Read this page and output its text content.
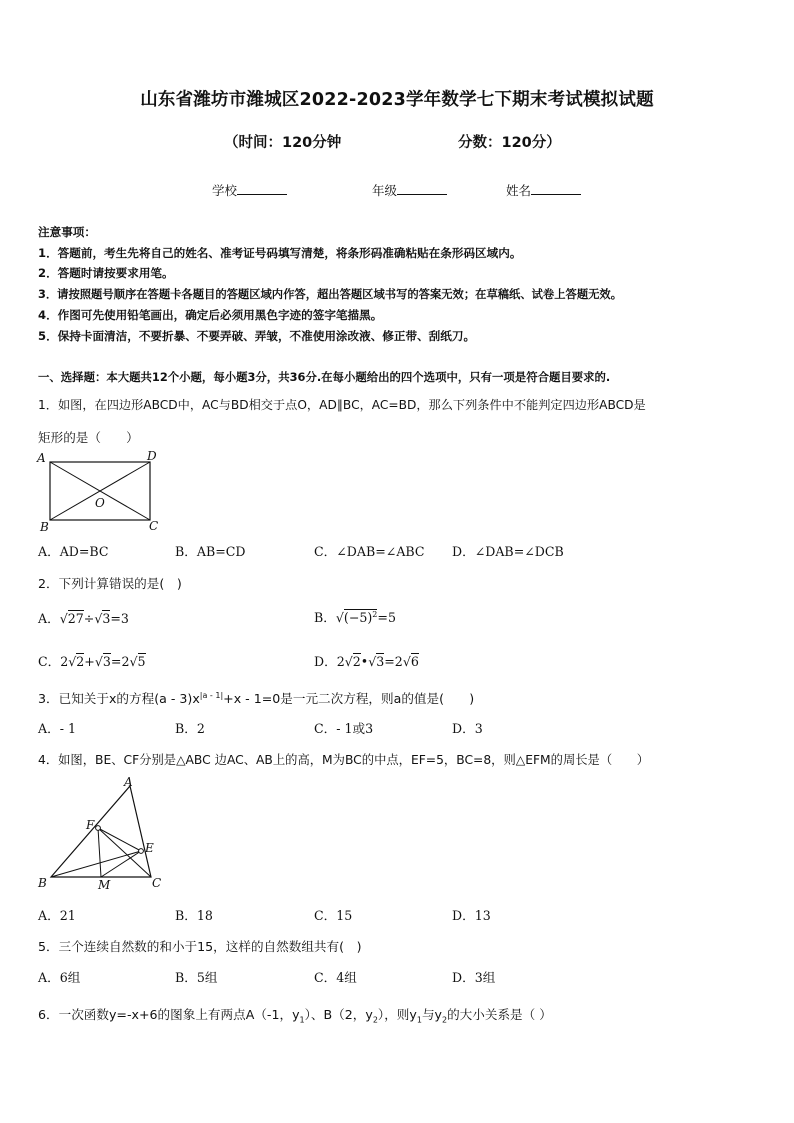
山东省潍坊市潍城区2022-2023学年数学七下期末考试模拟试题
（时间：120分钟	分数：120分）
学校	年级	姓名
注意事项：
1．答题前，考生先将自己的姓名、准考证号码填写清楚，将条形码准确粘贴在条形码区域内。
2．答题时请按要求用笔。
3．请按照题号顺序在答题卡各题目的答题区域内作答，超出答题区域书写的答案无效；在草稿纸、试卷上答题无效。
4．作图可先使用铅笔画出，确定后必须用黑色字迹的签字笔描黑。
5．保持卡面清洁，不要折暴、不要弄破、弄皱，不准使用涂改液、修正带、刮纸刀。
一、选择题：本大题共12个小题，每小题3分，共36分.在每小题给出的四个选项中，只有一项是符合题目要求的.
1．如图，在四边形ABCD中，AC与BD相交于点O，AD∥BC，AC=BD，那么下列条件中不能判定四边形ABCD是
矩形的是（　　）
A	D
B	C
O
A．AD=BC	B．AB=CD	C．∠DAB=∠ABC D．∠DAB=∠DCB
2．下列计算错误的是(　)
A．√27÷√3=3	B．$√(-5)^2=5$
C．2√2+√3=2√5	D．2√2•√3=2√6
3．已知关于x的方程$(a - 3)x^{|a - 1|}+x - 1=0$是一元二次方程，则a的值是(　　)
A．- 1	B．2	C．- 1或3	D．3
4．如图，BE、CF分别是△ABC 边AC、AB上的高，M为BC的中点，EF=5，BC=8，则△EFM的周长是（　　）
A
F
E
B	M	C
A．21	B．18	C．15	D．13
5．三个连续自然数的和小于15，这样的自然数组共有(　)
A．6组	B．5组	C．4组	D．3组
6．一次函数y=-x+6的图象上有两点A（-1，$y_1$）、B（2，$y_2$），则$y_1$与$y_2$的大小关系是（ ）
